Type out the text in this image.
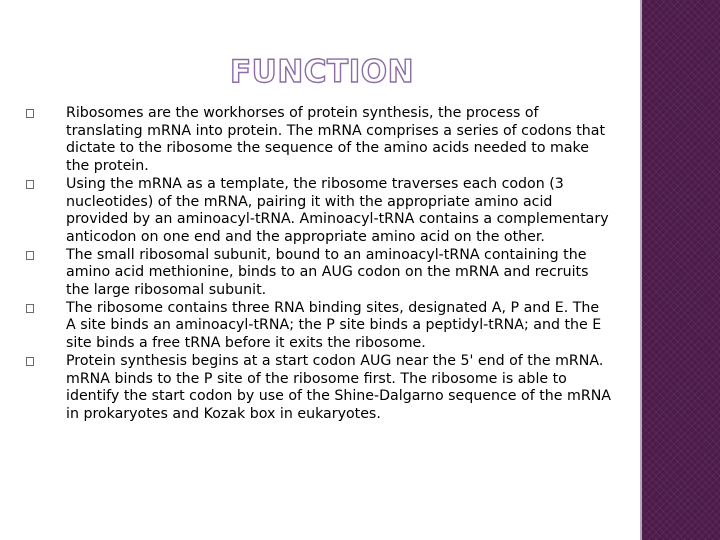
FUNCTION
Ribosomes are the workhorses of protein synthesis, the process of translating mRNA into protein. The mRNA comprises a series of codons that dictate to the ribosome the sequence of the amino acids needed to make the protein.
Using the mRNA as a template, the ribosome traverses each codon (3 nucleotides) of the mRNA, pairing it with the appropriate amino acid provided by an aminoacyl-tRNA. Aminoacyl-tRNA contains a complementary anticodon on one end and the appropriate amino acid on the other.
The small ribosomal subunit, bound to an aminoacyl-tRNA containing the amino acid methionine, binds to an AUG codon on the mRNA and recruits the large ribosomal subunit.
The ribosome contains three RNA binding sites, designated A, P and E. The A site binds an aminoacyl-tRNA; the P site binds a peptidyl-tRNA; and the E site binds a free tRNA before it exits the ribosome.
Protein synthesis begins at a start codon AUG near the 5' end of the mRNA. mRNA binds to the P site of the ribosome first. The ribosome is able to identify the start codon by use of the Shine-Dalgarno sequence of the mRNA in prokaryotes and Kozak box in eukaryotes.
